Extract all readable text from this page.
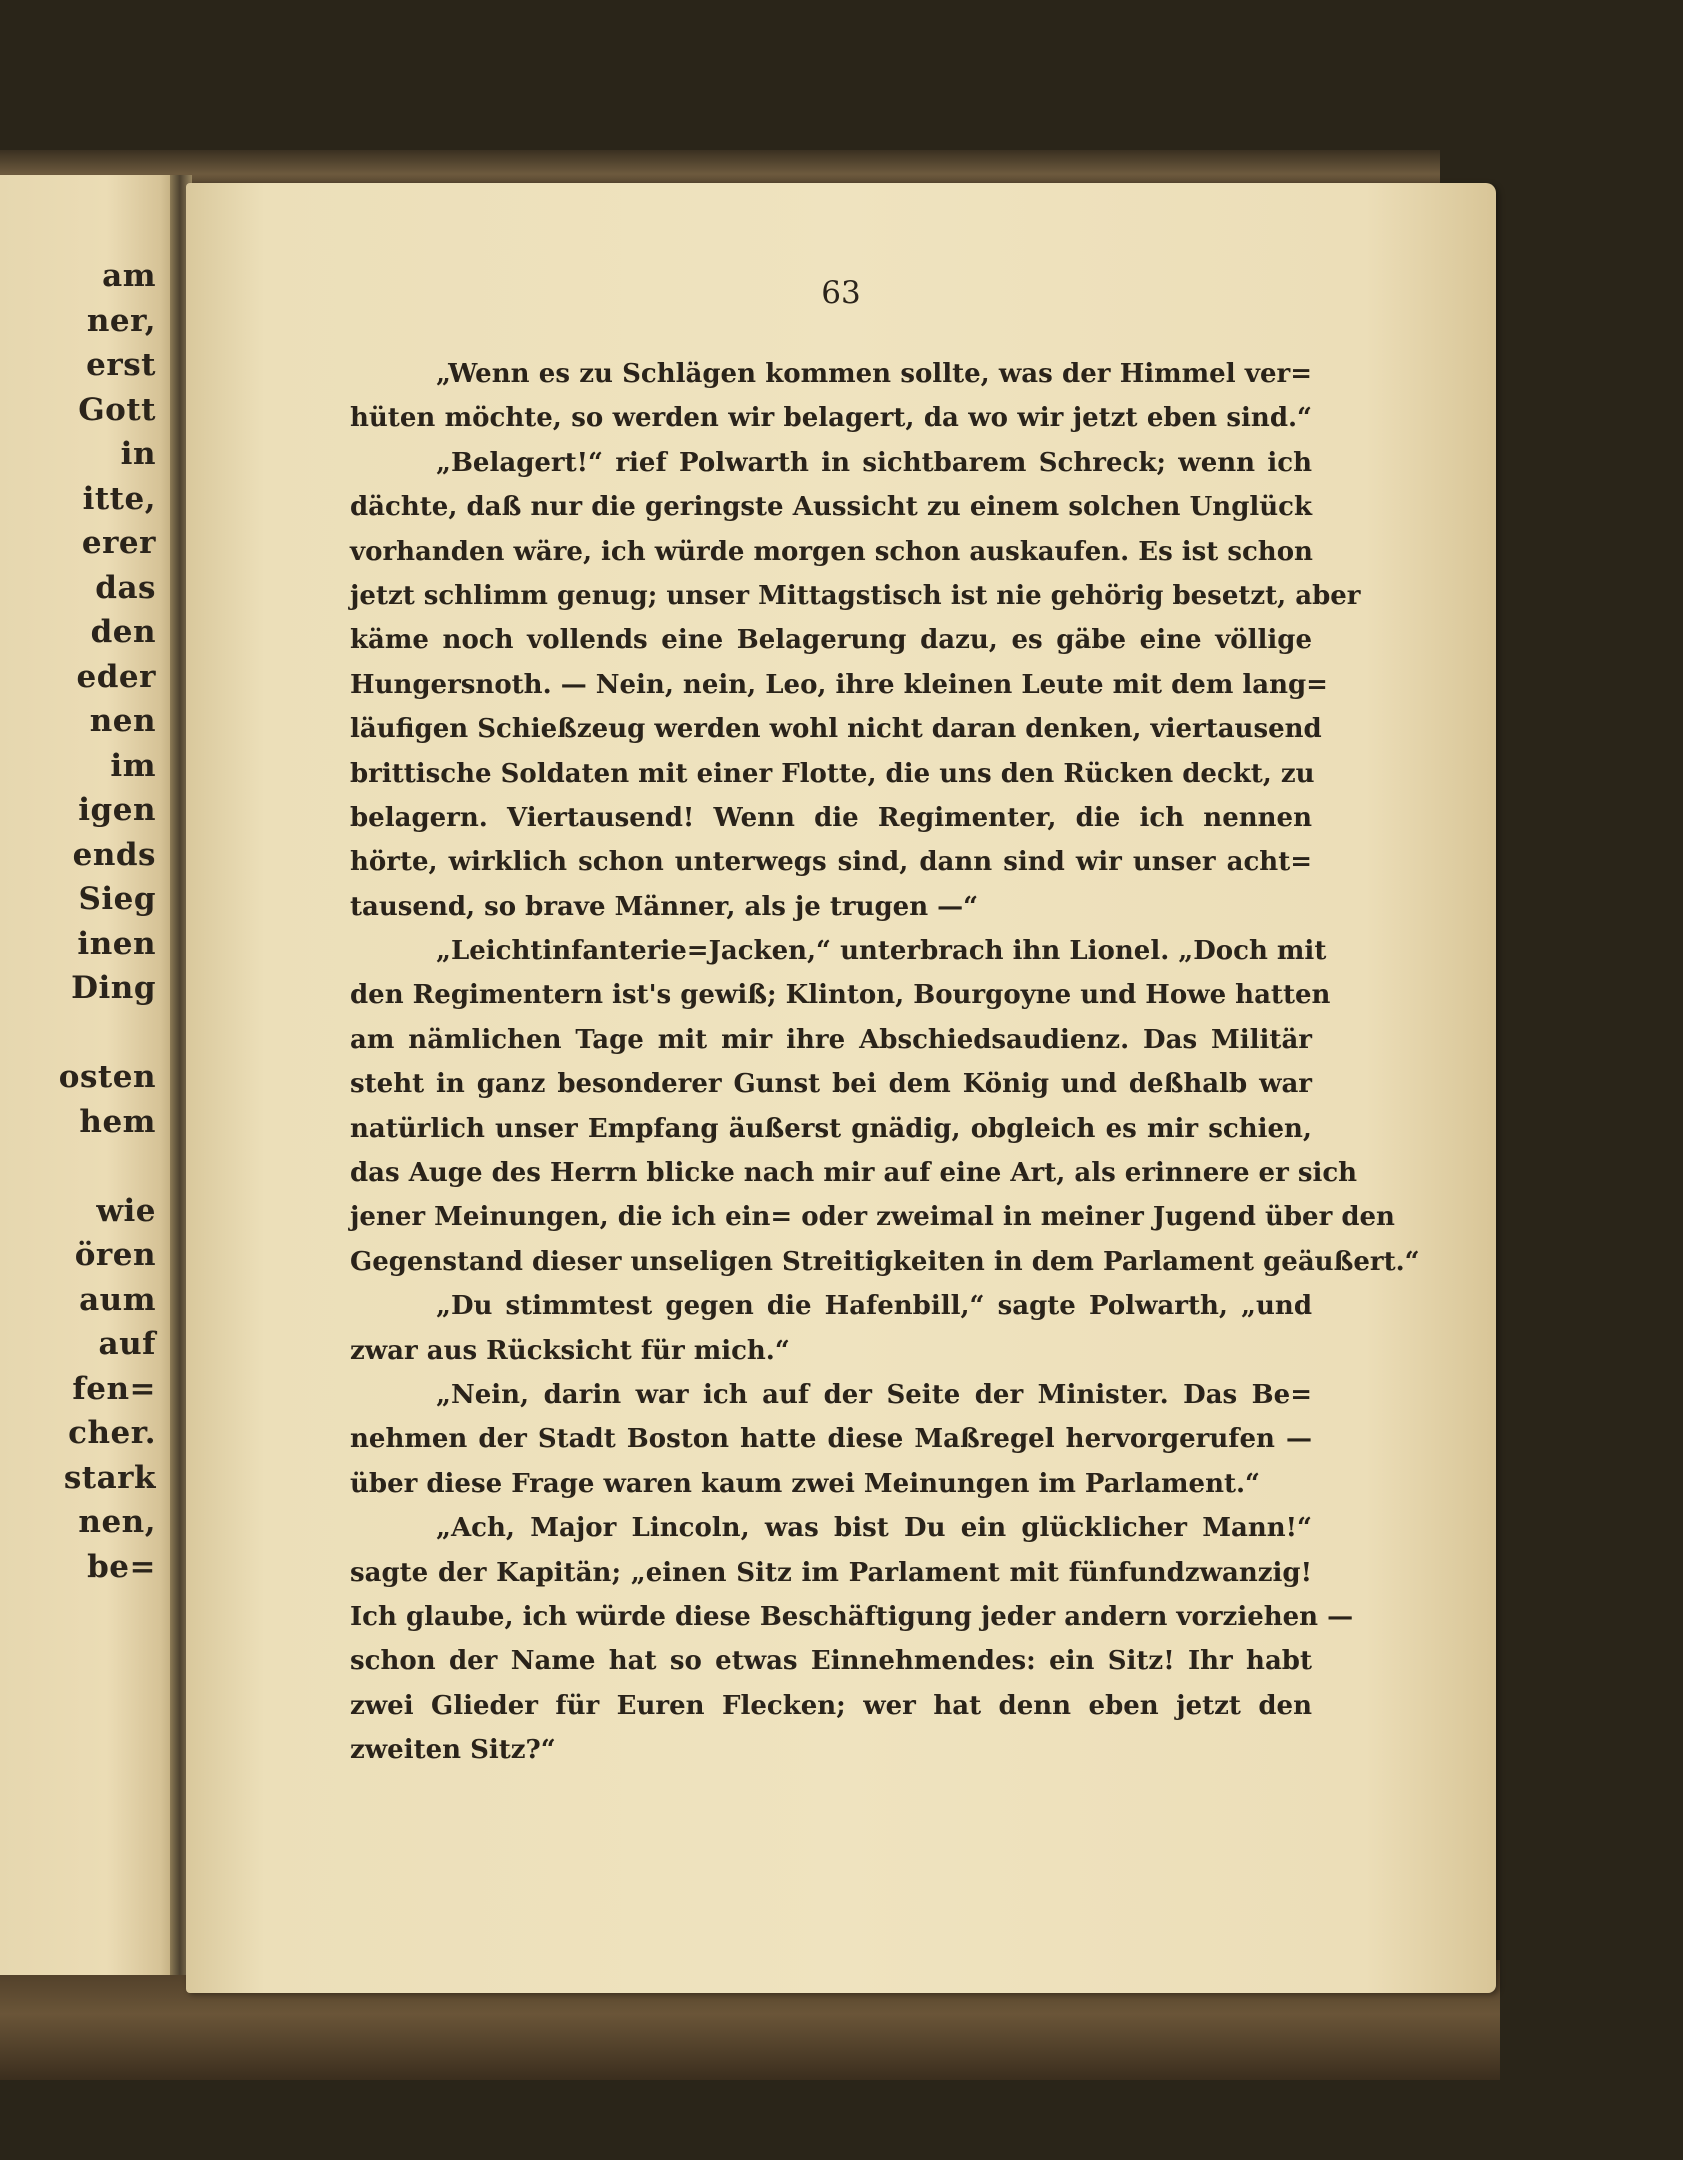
am
ner,
erst
Gott
in
itte,
erer
das
den
eder
nen
im
igen
ends
Sieg
inen
Ding
osten
hem
wie
ören
aum
auf
fen=
cher.
stark
nen,
be=
63
„Wenn es zu Schlägen kommen sollte, was der Himmel ver=
hüten möchte, so werden wir belagert, da wo wir jetzt eben sind.“
„Belagert!“ rief Polwarth in sichtbarem Schreck; wenn ich
dächte, daß nur die geringste Aussicht zu einem solchen Unglück
vorhanden wäre, ich würde morgen schon auskaufen. Es ist schon
jetzt schlimm genug; unser Mittagstisch ist nie gehörig besetzt, aber
käme noch vollends eine Belagerung dazu, es gäbe eine völlige
Hungersnoth. — Nein, nein, Leo, ihre kleinen Leute mit dem lang=
läufigen Schießzeug werden wohl nicht daran denken, viertausend
brittische Soldaten mit einer Flotte, die uns den Rücken deckt, zu
belagern. Viertausend! Wenn die Regimenter, die ich nennen
hörte, wirklich schon unterwegs sind, dann sind wir unser acht=
tausend, so brave Männer, als je trugen —“
„Leichtinfanterie=Jacken,“ unterbrach ihn Lionel. „Doch mit
den Regimentern ist's gewiß; Klinton, Bourgoyne und Howe hatten
am nämlichen Tage mit mir ihre Abschiedsaudienz. Das Militär
steht in ganz besonderer Gunst bei dem König und deßhalb war
natürlich unser Empfang äußerst gnädig, obgleich es mir schien,
das Auge des Herrn blicke nach mir auf eine Art, als erinnere er sich
jener Meinungen, die ich ein= oder zweimal in meiner Jugend über den
Gegenstand dieser unseligen Streitigkeiten in dem Parlament geäußert.“
„Du stimmtest gegen die Hafenbill,“ sagte Polwarth, „und
zwar aus Rücksicht für mich.“
„Nein, darin war ich auf der Seite der Minister. Das Be=
nehmen der Stadt Boston hatte diese Maßregel hervorgerufen —
über diese Frage waren kaum zwei Meinungen im Parlament.“
„Ach, Major Lincoln, was bist Du ein glücklicher Mann!“
sagte der Kapitän; „einen Sitz im Parlament mit fünfundzwanzig!
Ich glaube, ich würde diese Beschäftigung jeder andern vorziehen —
schon der Name hat so etwas Einnehmendes: ein Sitz! Ihr habt
zwei Glieder für Euren Flecken; wer hat denn eben jetzt den
zweiten Sitz?“
